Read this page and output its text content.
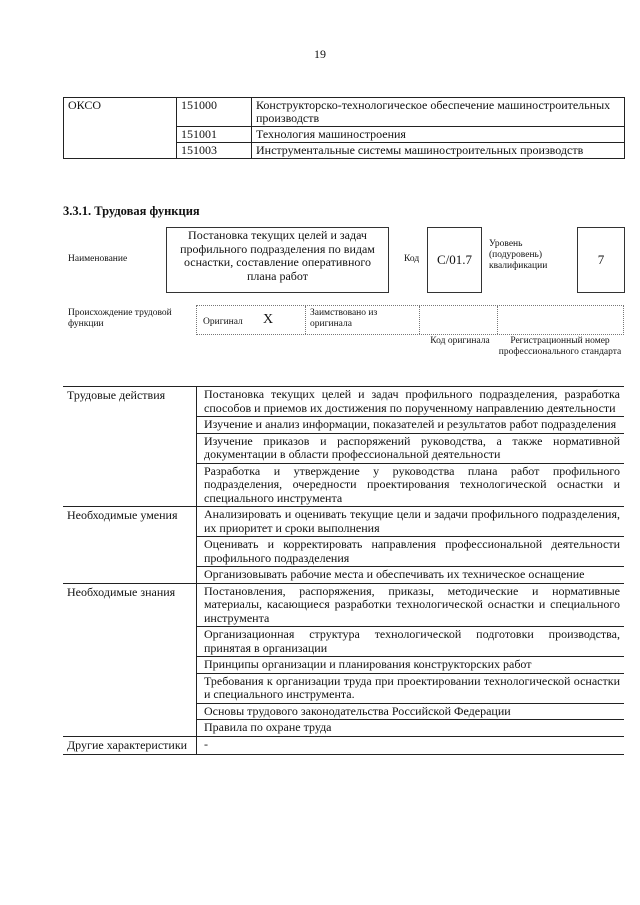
19
ОКСО	151000	Конструкторско-технологическое обеспечение машиностроительных производств
	151001	Технология машиностроения
	151003	Инструментальные системы машиностроительных производств
3.3.1. Трудовая функция
Наименование
Постановка текущих целей и задач профильного подразделения по видам оснастки, составление оперативного плана работ
Код	С/01.7
Уровень (подуровень) квалификации	7
Происхождение трудовой функции	Оригинал X	Заимствовано из оригинала
Код оригинала	Регистрационный номер профессионального стандарта
Трудовые действия	Постановка текущих целей и задач профильного подразделения, разработка способов и приемов их достижения по порученному направлению деятельности
	Изучение и анализ информации, показателей и результатов работ подразделения
	Изучение приказов и распоряжений руководства, а также нормативной документации в области профессиональной деятельности
	Разработка и утверждение у руководства плана работ профильного подразделения, очередности проектирования технологической оснастки и специального инструмента
Необходимые умения	Анализировать и оценивать текущие цели и задачи профильного подразделения, их приоритет и сроки выполнения
	Оценивать и корректировать направления профессиональной деятельности профильного подразделения
	Организовывать рабочие места и обеспечивать их техническое оснащение
Необходимые знания	Постановления, распоряжения, приказы, методические и нормативные материалы, касающиеся разработки технологической оснастки и специального инструмента
	Организационная структура технологической подготовки производства, принятая в организации
	Принципы организации и планирования конструкторских работ
	Требования к организации труда при проектировании технологической оснастки и специального инструмента.
	Основы трудового законодательства Российской Федерации
	Правила по охране труда
Другие характеристики	-
